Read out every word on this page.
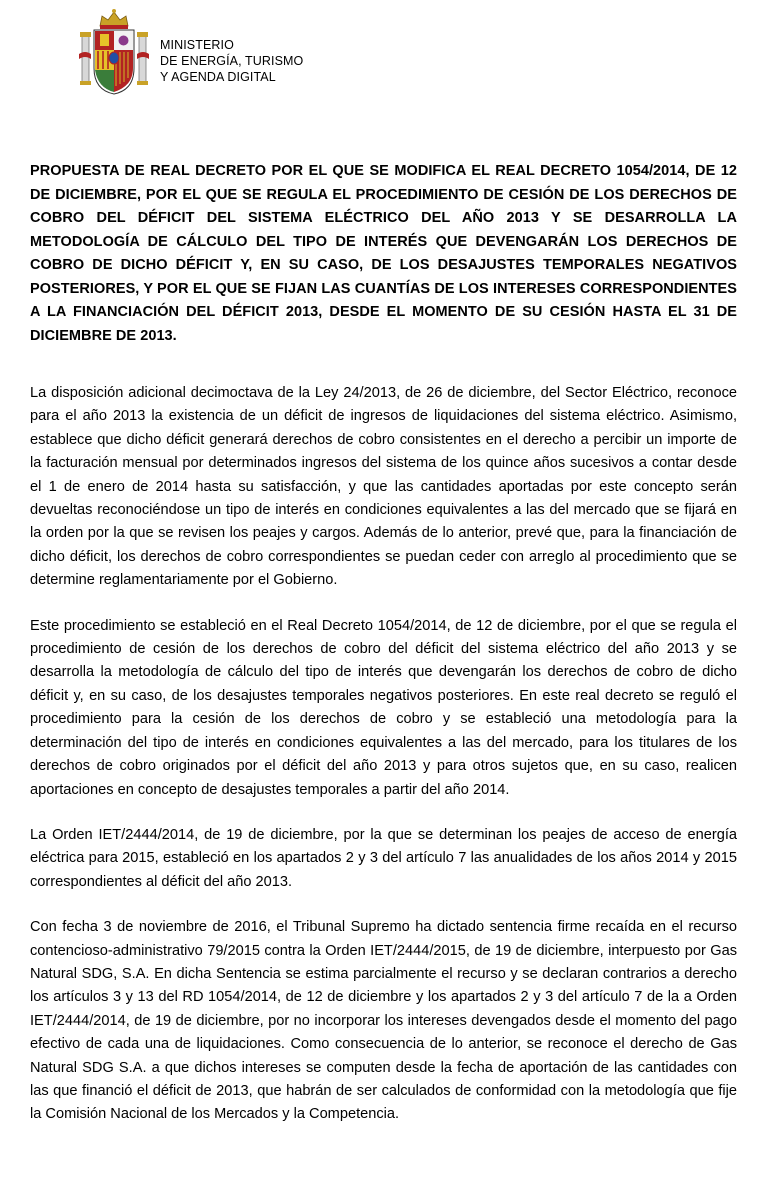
MINISTERIO
DE ENERGÍA, TURISMO
Y AGENDA DIGITAL
PROPUESTA DE REAL DECRETO POR EL QUE SE MODIFICA EL REAL DECRETO 1054/2014, DE 12 DE DICIEMBRE, POR EL QUE SE REGULA EL PROCEDIMIENTO DE CESIÓN DE LOS DERECHOS DE COBRO DEL DÉFICIT DEL SISTEMA ELÉCTRICO DEL AÑO 2013 Y SE DESARROLLA LA METODOLOGÍA DE CÁLCULO DEL TIPO DE INTERÉS QUE DEVENGARÁN LOS DERECHOS DE COBRO DE DICHO DÉFICIT Y, EN SU CASO, DE LOS DESAJUSTES TEMPORALES NEGATIVOS POSTERIORES, Y POR EL QUE SE FIJAN LAS CUANTÍAS DE LOS INTERESES CORRESPONDIENTES A LA FINANCIACIÓN DEL DÉFICIT 2013, DESDE EL MOMENTO DE SU CESIÓN HASTA EL 31 DE DICIEMBRE DE 2013.

La disposición adicional decimoctava de la Ley 24/2013, de 26 de diciembre, del Sector Eléctrico, reconoce para el año 2013 la existencia de un déficit de ingresos de liquidaciones del sistema eléctrico. Asimismo, establece que dicho déficit generará derechos de cobro consistentes en el derecho a percibir un importe de la facturación mensual por determinados ingresos del sistema de los quince años sucesivos a contar desde el 1 de enero de 2014 hasta su satisfacción, y que las cantidades aportadas por este concepto serán devueltas reconociéndose un tipo de interés en condiciones equivalentes a las del mercado que se fijará en la orden por la que se revisen los peajes y cargos. Además de lo anterior, prevé que, para la financiación de dicho déficit, los derechos de cobro correspondientes se puedan ceder con arreglo al procedimiento que se determine reglamentariamente por el Gobierno.

Este procedimiento se estableció en el Real Decreto 1054/2014, de 12 de diciembre, por el que se regula el procedimiento de cesión de los derechos de cobro del déficit del sistema eléctrico del año 2013 y se desarrolla la metodología de cálculo del tipo de interés que devengarán los derechos de cobro de dicho déficit y, en su caso, de los desajustes temporales negativos posteriores. En este real decreto se reguló el procedimiento para la cesión de los derechos de cobro y se estableció una metodología para la determinación del tipo de interés en condiciones equivalentes a las del mercado, para los titulares de los derechos de cobro originados por el déficit del año 2013 y para otros sujetos que, en su caso, realicen aportaciones en concepto de desajustes temporales a partir del año 2014.

La Orden IET/2444/2014, de 19 de diciembre, por la que se determinan los peajes de acceso de energía eléctrica para 2015, estableció en los apartados 2 y 3 del artículo 7 las anualidades de los años 2014 y 2015 correspondientes al déficit del año 2013.

Con fecha 3 de noviembre de 2016, el Tribunal Supremo ha dictado sentencia firme recaída en el recurso contencioso-administrativo 79/2015 contra la Orden IET/2444/2015, de 19 de diciembre, interpuesto por Gas Natural SDG, S.A. En dicha Sentencia se estima parcialmente el recurso y se declaran contrarios a derecho los artículos 3 y 13 del RD 1054/2014, de 12 de diciembre y los apartados 2 y 3 del artículo 7 de la a Orden IET/2444/2014, de 19 de diciembre, por no incorporar los intereses devengados desde el momento del pago efectivo de cada una de liquidaciones. Como consecuencia de lo anterior, se reconoce el derecho de Gas Natural SDG S.A. a que dichos intereses se computen desde la fecha de aportación de las cantidades con las que financió el déficit de 2013, que habrán de ser calculados de conformidad con la metodología que fije la Comisión Nacional de los Mercados y la Competencia.
